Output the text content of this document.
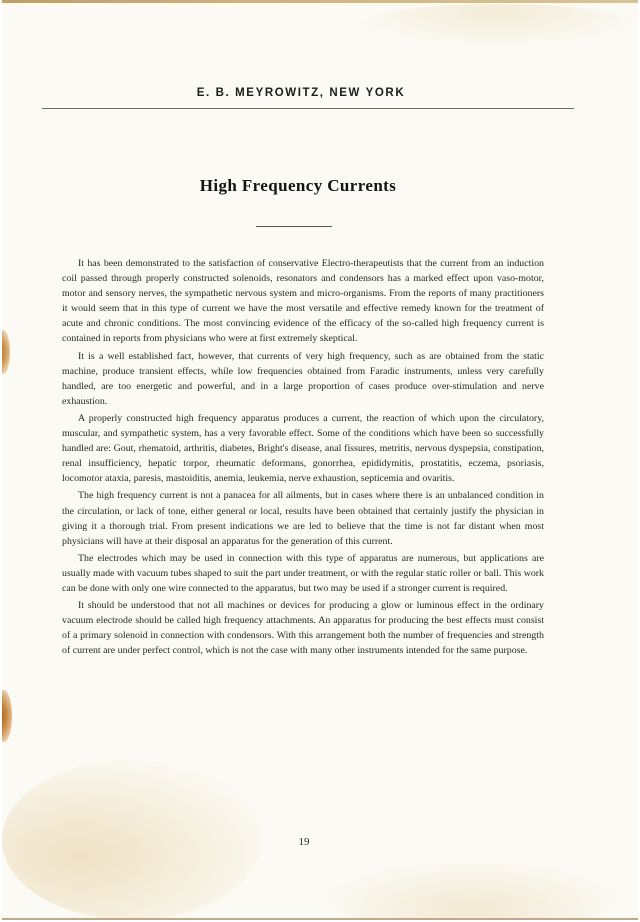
E. B. MEYROWITZ, NEW YORK
High Frequency Currents

It has been demonstrated to the satisfaction of conservative Electro-therapeutists that the current from an induction coil passed through properly constructed solenoids, resonators and condensors has a marked effect upon vaso-motor, motor and sensory nerves, the sympathetic nervous system and micro-organisms. From the reports of many practitioners it would seem that in this type of current we have the most versatile and effective remedy known for the treatment of acute and chronic conditions. The most convincing evidence of the efficacy of the so-called high frequency current is contained in reports from physicians who were at first extremely skeptical.

It is a well established fact, however, that currents of very high frequency, such as are obtained from the static machine, produce transient effects, while low frequencies obtained from Faradic instruments, unless very carefully handled, are too energetic and powerful, and in a large proportion of cases produce over-stimulation and nerve exhaustion.

A properly constructed high frequency apparatus produces a current, the reaction of which upon the circulatory, muscular, and sympathetic system, has a very favorable effect. Some of the conditions which have been so successfully handled are: Gout, rhematoid, arthritis, diabetes, Bright's disease, anal fissures, metritis, nervous dyspepsia, constipation, renal insufficiency, hepatic torpor, rheumatic deformans, gonorrhea, epididymitis, prostatitis, eczema, psoriasis, locomotor ataxia, paresis, mastoiditis, anemia, leukemia, nerve exhaustion, septicemia and ovaritis.

The high frequency current is not a panacea for all ailments, but in cases where there is an unbalanced condition in the circulation, or lack of tone, either general or local, results have been obtained that certainly justify the physician in giving it a thorough trial. From present indications we are led to believe that the time is not far distant when most physicians will have at their disposal an apparatus for the generation of this current.

The electrodes which may be used in connection with this type of apparatus are numerous, but applications are usually made with vacuum tubes shaped to suit the part under treatment, or with the regular static roller or ball. This work can be done with only one wire connected to the apparatus, but two may be used if a stronger current is required.

It should be understood that not all machines or devices for producing a glow or luminous effect in the ordinary vacuum electrode should be called high frequency attachments. An apparatus for producing the best effects must consist of a primary solenoid in connection with condensors. With this arrangement both the number of frequencies and strength of current are under perfect control, which is not the case with many other instruments intended for the same purpose.

19
